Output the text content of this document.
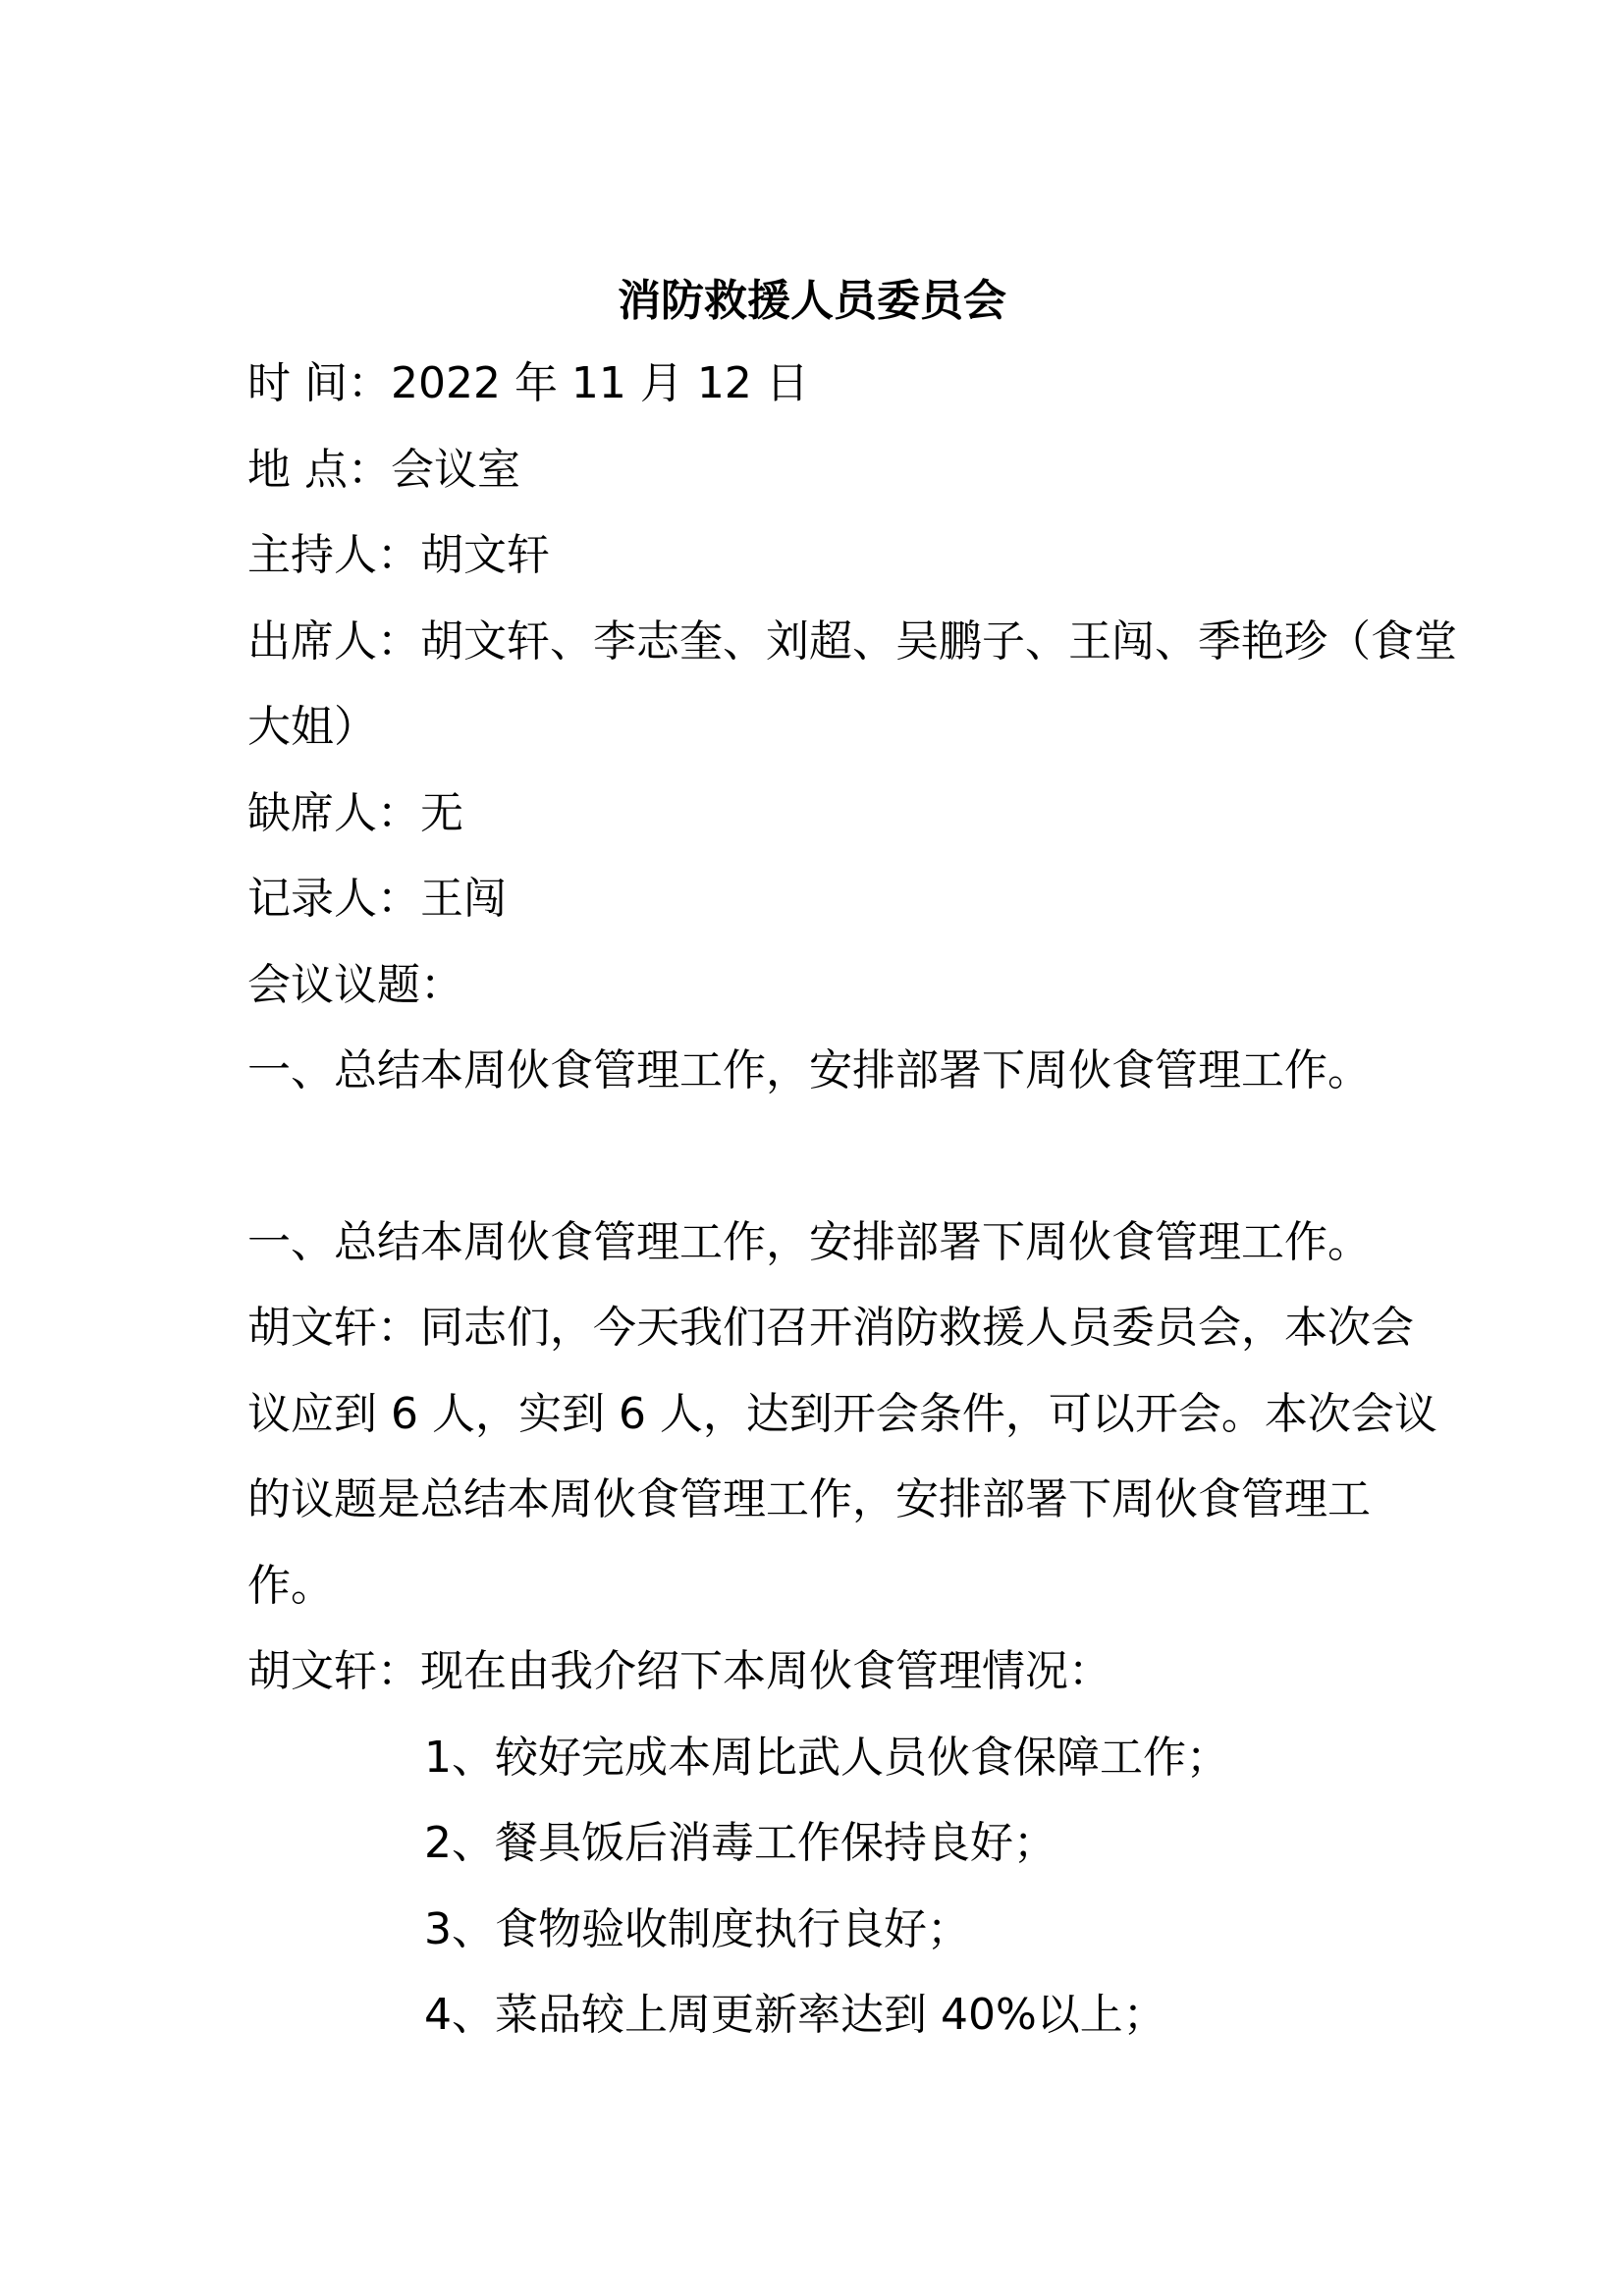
消防救援人员委员会
时 间：2022 年 11 月 12 日
地 点：会议室
主持人：胡文轩
出席人：胡文轩、李志奎、刘超、吴鹏子、王闯、季艳珍（食堂
大姐）
缺席人：无
记录人：王闯
会议议题：
一、总结本周伙食管理工作，安排部署下周伙食管理工作。
一、总结本周伙食管理工作，安排部署下周伙食管理工作。
胡文轩：同志们，今天我们召开消防救援人员委员会，本次会
议应到 6 人，实到 6 人，达到开会条件，可以开会。本次会议
的议题是总结本周伙食管理工作，安排部署下周伙食管理工
作。
胡文轩：现在由我介绍下本周伙食管理情况：
1、较好完成本周比武人员伙食保障工作；
2、餐具饭后消毒工作保持良好；
3、食物验收制度执行良好；
4、菜品较上周更新率达到 40%以上；
